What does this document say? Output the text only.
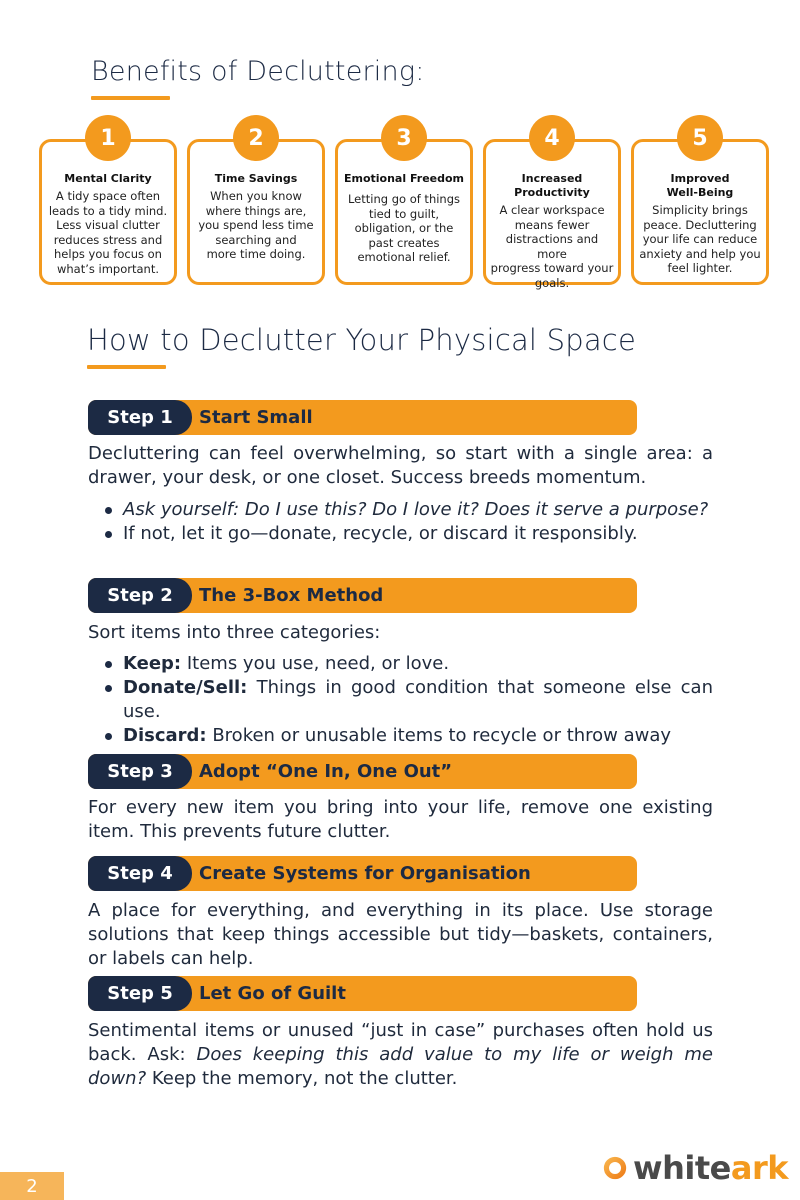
Benefits of Decluttering:
Mental Clarity
A tidy space often
leads to a tidy mind.
Less visual clutter
reduces stress and
helps you focus on
what’s important.
1
Time Savings
When you know
where things are,
you spend less time
searching and
more time doing.
2
Emotional Freedom
Letting go of things
tied to guilt,
obligation, or the
past creates
emotional relief.
3
Increased
Productivity
A clear workspace
means fewer
distractions and more
progress toward your
goals.
4
Improved
Well-Being
Simplicity brings
peace. Decluttering
your life can reduce
anxiety and help you
feel lighter.
5
How to Declutter Your Physical Space
Step 1	Start Small
Decluttering can feel overwhelming, so start with a single area: a drawer, your desk, or one closet. Success breeds momentum.
Ask yourself: Do I use this? Do I love it? Does it serve a purpose?
If not, let it go—donate, recycle, or discard it responsibly.
Step 2	The 3-Box Method
Sort items into three categories:
Keep: Items you use, need, or love.
Donate/Sell: Things in good condition that someone else can use.
Discard: Broken or unusable items to recycle or throw away
Step 3	Adopt “One In, One Out”
For every new item you bring into your life, remove one existing item. This prevents future clutter.
Step 4	Create Systems for Organisation
A place for everything, and everything in its place. Use storage solutions that keep things accessible but tidy—baskets, containers, or labels can help.
Step 5	Let Go of Guilt
Sentimental items or unused “just in case” purchases often hold us back. Ask: Does keeping this add value to my life or weigh me down? Keep the memory, not the clutter.
2	whiteark
